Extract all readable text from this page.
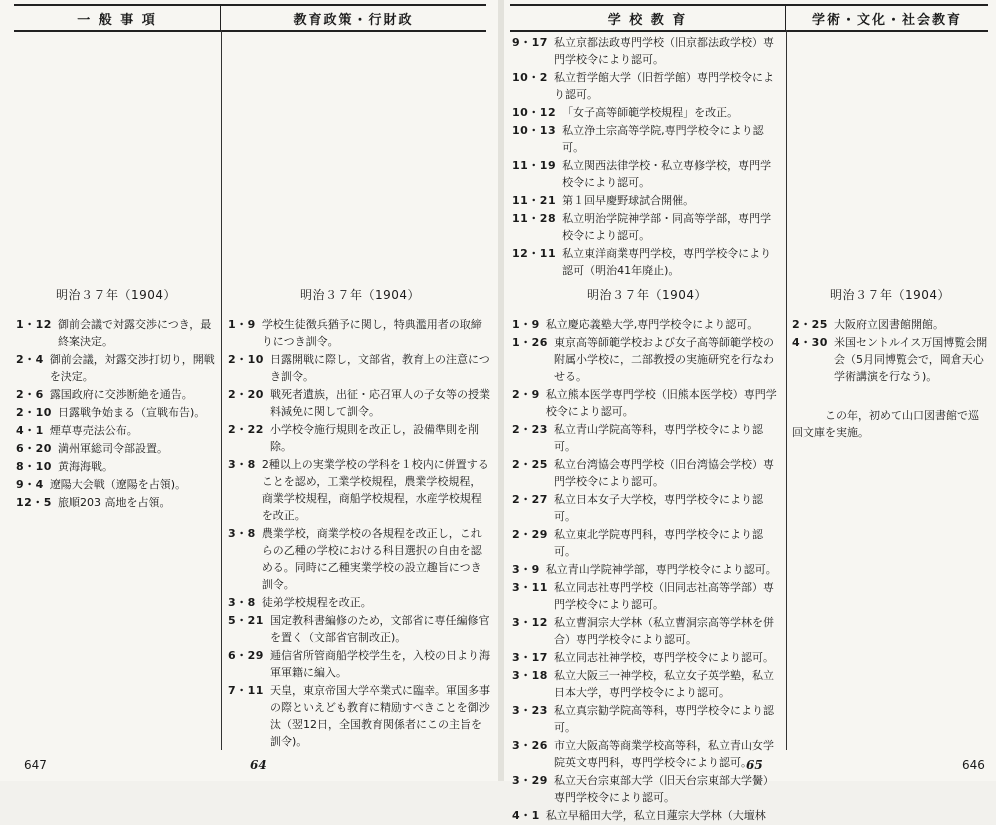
一 般 事 項	教育政策・行財政	学 校 教 育	学術・文化・社会教育
明治３７年（1904）
1・12 御前会議で対露交渉につき，最終案決定。
2・4 御前会議，対露交渉打切り，開戦を決定。
2・6 露国政府に交渉断絶を通告。
2・10 日露戦争始まる（宣戦布告)。
4・1 煙草専売法公布。
6・20 満州軍総司令部設置。
8・10 黄海海戦。
9・4 遼陽大会戦（遼陽を占領)。
12・5 旅順203 高地を占領。
明治３７年（1904）
1・9 学校生徒徴兵猶予に関し，特典濫用者の取締りにつき訓令。
2・10 日露開戦に際し，文部省，教育上の注意につき訓令。
2・20 戦死者遺族，出征・応召軍人の子女等の授業料減免に関して訓令。
2・22 小学校令施行規則を改正し，設備準則を削除。
3・8 2種以上の実業学校の学科を１校内に併置することを認め，工業学校規程，農業学校規程，商業学校規程，商船学校規程，水産学校規程を改正。
3・8 農業学校，商業学校の各規程を改正し，これらの乙種の学校における科目選択の自由を認める。同時に乙種実業学校の設立趣旨につき訓令。
3・8 徒弟学校規程を改正。
5・21 国定教科書編修のため，文部省に専任編修官を置く（文部省官制改正)。
6・29 逓信省所管商船学校学生を，入校の日より海軍軍籍に編入。
7・11 天皇，東京帝国大学卒業式に臨幸。軍国多事の際といえども教育に精励すべきことを御沙汰（翌12日，全国教育関係者にこの主旨を訓令)。
9・17 私立京都法政専門学校（旧京都法政学校）専門学校令により認可。
10・2 私立哲学館大学（旧哲学館）専門学校令により認可。
10・12 「女子高等師範学校規程」を改正。
10・13 私立浄土宗高等学院,専門学校令により認可。
11・19 私立関西法律学校・私立専修学校，専門学校令により認可。
11・21 第１回早慶野球試合開催。
11・28 私立明治学院神学部・同高等学部，専門学校令により認可。
12・11 私立東洋商業専門学校，専門学校令により認可（明治41年廃止)。
明治３７年（1904）
1・9 私立慶応義塾大学,専門学校令により認可。
1・26 東京高等師範学校および女子高等師範学校の附属小学校に，二部教授の実施研究を行なわせる。
2・9 私立熊本医学専門学校（旧熊本医学校）専門学校令により認可。
2・23 私立青山学院高等科，専門学校令により認可。
2・25 私立台湾協会専門学校（旧台湾協会学校）専門学校令により認可。
2・27 私立日本女子大学校，専門学校令により認可。
2・29 私立東北学院専門科，専門学校令により認可。
3・9 私立青山学院神学部，専門学校令により認可。
3・11 私立同志社専門学校（旧同志社高等学部）専門学校令により認可。
3・12 私立曹洞宗大学林（私立曹洞宗高等学林を併合）専門学校令により認可。
3・17 私立同志社神学校，専門学校令により認可。
3・18 私立大阪三一神学校，私立女子英学塾，私立日本大学，専門学校令により認可。
3・23 私立真宗勧学院高等科，専門学校令により認可。
3・26 市立大阪高等商業学校高等科，私立青山女学院英文専門科，専門学校令により認可。
3・29 私立天台宗東部大学（旧天台宗東部大学黌）専門学校令により認可。
4・1 私立早稲田大学，私立日蓮宗大学林（大壇林
明治３７年（1904）
2・25 大阪府立図書館開館。
4・30 米国セントルイス万国博覧会開会（5月同博覧会で，岡倉天心学術講演を行なう)。
この年，初めて山口図書館で巡回文庫を実施。
647	64	65	646
